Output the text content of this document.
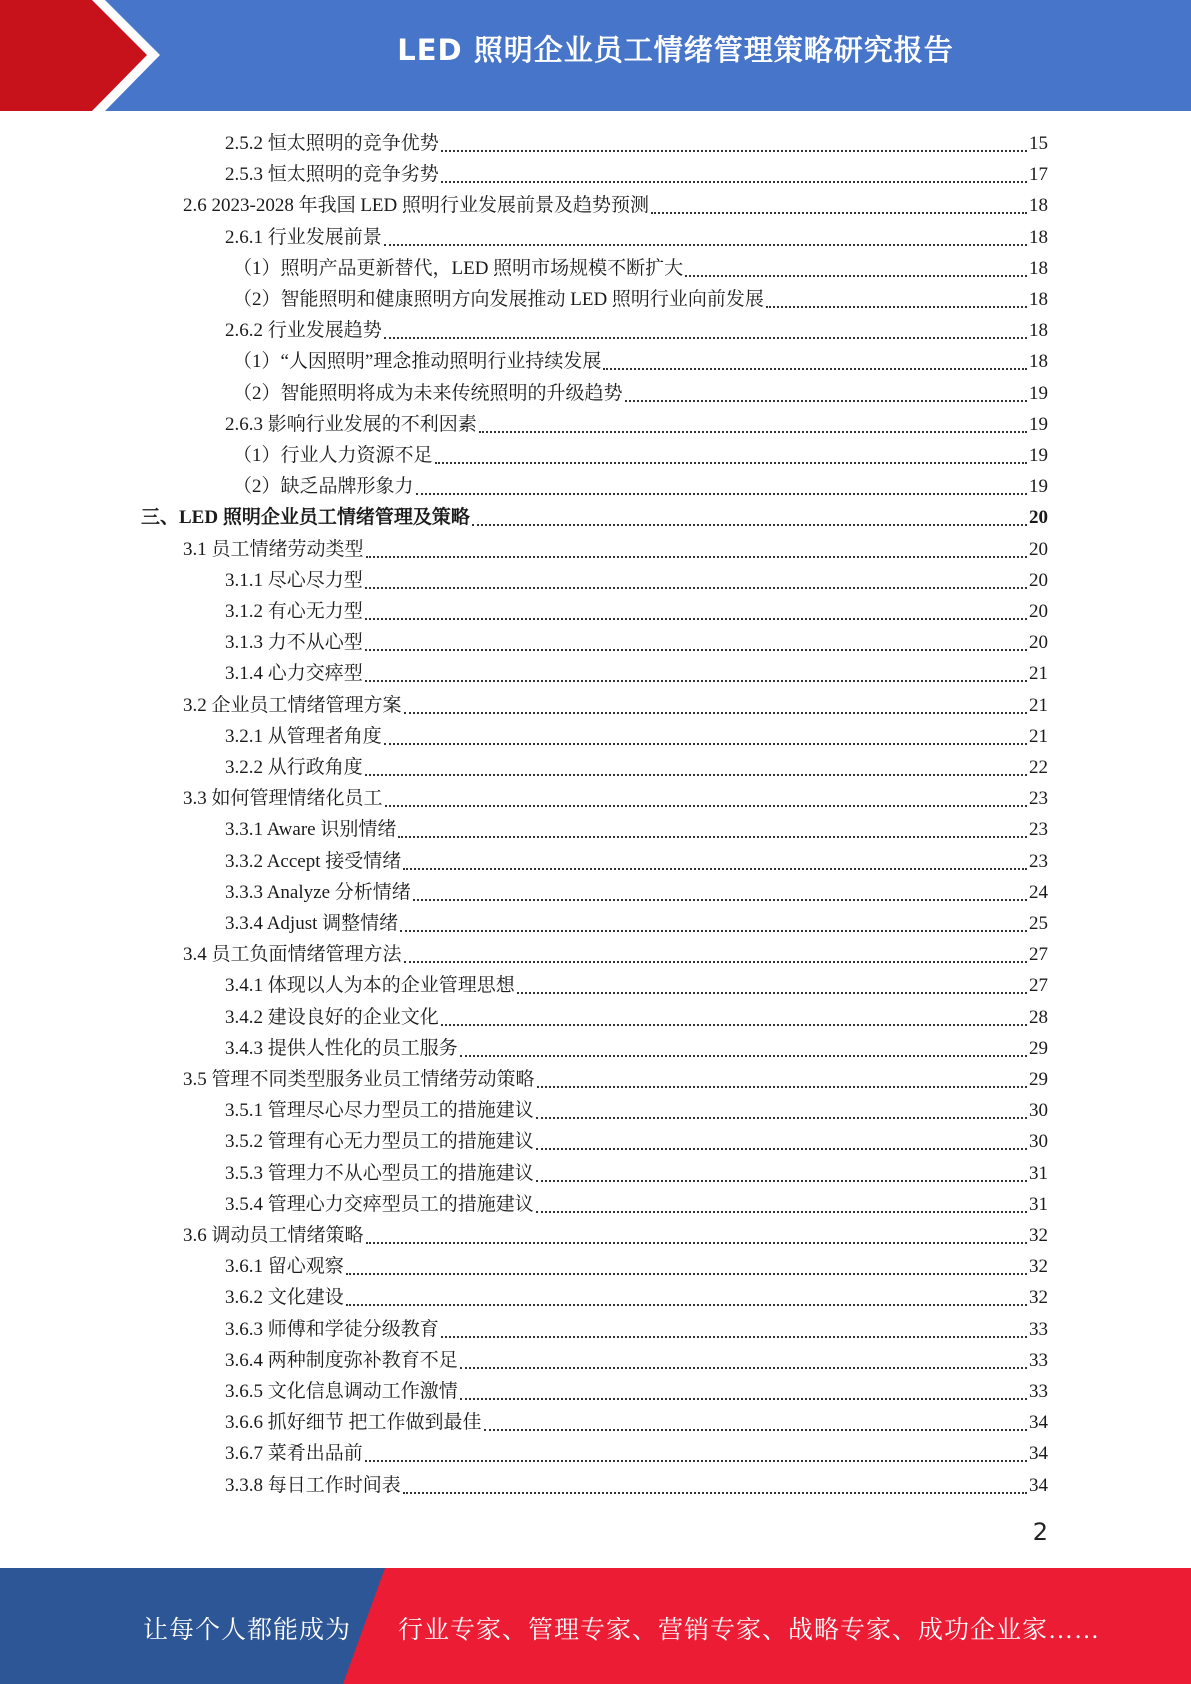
LED 照明企业员工情绪管理策略研究报告
2.5.2 恒太照明的竞争优势	15
2.5.3 恒太照明的竞争劣势	17
2.6 2023-2028 年我国 LED 照明行业发展前景及趋势预测	18
2.6.1 行业发展前景	18
（1）照明产品更新替代，LED 照明市场规模不断扩大	18
（2）智能照明和健康照明方向发展推动 LED 照明行业向前发展	18
2.6.2 行业发展趋势	18
（1）“人因照明”理念推动照明行业持续发展	18
（2）智能照明将成为未来传统照明的升级趋势	19
2.6.3 影响行业发展的不利因素	19
（1）行业人力资源不足	19
（2）缺乏品牌形象力	19
三、LED 照明企业员工情绪管理及策略	20
3.1 员工情绪劳动类型	20
3.1.1 尽心尽力型	20
3.1.2 有心无力型	20
3.1.3 力不从心型	20
3.1.4 心力交瘁型	21
3.2 企业员工情绪管理方案	21
3.2.1 从管理者角度	21
3.2.2 从行政角度	22
3.3 如何管理情绪化员工	23
3.3.1 Aware 识别情绪	23
3.3.2 Accept 接受情绪	23
3.3.3 Analyze 分析情绪	24
3.3.4 Adjust 调整情绪	25
3.4 员工负面情绪管理方法	27
3.4.1 体现以人为本的企业管理思想	27
3.4.2 建设良好的企业文化	28
3.4.3 提供人性化的员工服务	29
3.5 管理不同类型服务业员工情绪劳动策略	29
3.5.1 管理尽心尽力型员工的措施建议	30
3.5.2 管理有心无力型员工的措施建议	30
3.5.3 管理力不从心型员工的措施建议	31
3.5.4 管理心力交瘁型员工的措施建议	31
3.6 调动员工情绪策略	32
3.6.1 留心观察	32
3.6.2 文化建设	32
3.6.3 师傅和学徒分级教育	33
3.6.4 两种制度弥补教育不足	33
3.6.5 文化信息调动工作激情	33
3.6.6 抓好细节 把工作做到最佳	34
3.6.7 菜肴出品前	34
3.3.8 每日工作时间表	34
2
让每个人都能成为 行业专家、管理专家、营销专家、战略专家、成功企业家……
